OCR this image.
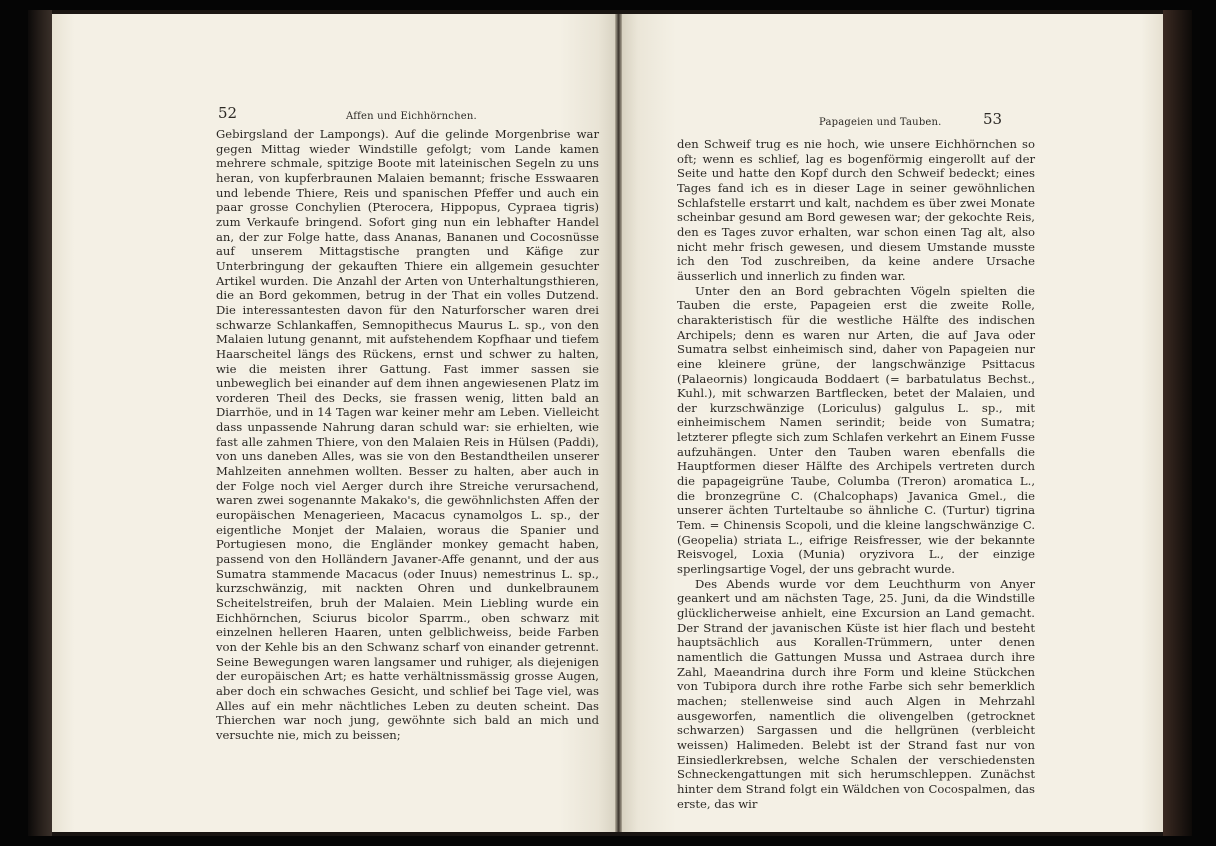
52	Affen und Eichhörnchen.

Gebirgsland der Lampongs). Auf die gelinde Morgenbrise war gegen Mittag wieder Windstille gefolgt; vom Lande kamen mehrere schmale, spitzige Boote mit lateinischen Segeln zu uns heran, von kupferbraunen Malaien bemannt; frische Esswaaren und lebende Thiere, Reis und spanischen Pfeffer und auch ein paar grosse Conchylien (Pterocera, Hippopus, Cypraea tigris) zum Verkaufe bringend. Sofort ging nun ein lebhafter Handel an, der zur Folge hatte, dass Ananas, Bananen und Cocosnüsse auf unserem Mittagstische prangten und Käfige zur Unterbringung der gekauften Thiere ein allgemein gesuchter Artikel wurden. Die Anzahl der Arten von Unterhaltungsthieren, die an Bord gekommen, betrug in der That ein volles Dutzend. Die interessantesten davon für den Naturforscher waren drei schwarze Schlankaffen, Semnopithecus Maurus L. sp., von den Malaien lutung genannt, mit aufstehendem Kopfhaar und tiefem Haarscheitel längs des Rückens, ernst und schwer zu halten, wie die meisten ihrer Gattung. Fast immer sassen sie unbeweglich bei einander auf dem ihnen angewiesenen Platz im vorderen Theil des Decks, sie frassen wenig, litten bald an Diarrhöe, und in 14 Tagen war keiner mehr am Leben. Vielleicht dass unpassende Nahrung daran schuld war: sie erhielten, wie fast alle zahmen Thiere, von den Malaien Reis in Hülsen (Paddi), von uns daneben Alles, was sie von den Bestandtheilen unserer Mahlzeiten annehmen wollten. Besser zu halten, aber auch in der Folge noch viel Aerger durch ihre Streiche verursachend, waren zwei sogenannte Makako's, die gewöhnlichsten Affen der europäischen Menagerieen, Macacus cynamolgos L. sp., der eigentliche Monjet der Malaien, woraus die Spanier und Portugiesen mono, die Engländer monkey gemacht haben, passend von den Holländern Javaner-Affe genannt, und der aus Sumatra stammende Macacus (oder Inuus) nemestrinus L. sp., kurzschwänzig, mit nackten Ohren und dunkelbraunem Scheitelstreifen, bruh der Malaien. Mein Liebling wurde ein Eichhörnchen, Sciurus bicolor Sparrm., oben schwarz mit einzelnen helleren Haaren, unten gelblichweiss, beide Farben von der Kehle bis an den Schwanz scharf von einander getrennt. Seine Bewegungen waren langsamer und ruhiger, als diejenigen der europäischen Art; es hatte verhältnissmässig grosse Augen, aber doch ein schwaches Gesicht, und schlief bei Tage viel, was Alles auf ein mehr nächtliches Leben zu deuten scheint. Das Thierchen war noch jung, gewöhnte sich bald an mich und versuchte nie, mich zu beissen;

Papageien und Tauben.	53

den Schweif trug es nie hoch, wie unsere Eichhörnchen so oft; wenn es schlief, lag es bogenförmig eingerollt auf der Seite und hatte den Kopf durch den Schweif bedeckt; eines Tages fand ich es in dieser Lage in seiner gewöhnlichen Schlafstelle erstarrt und kalt, nachdem es über zwei Monate scheinbar gesund am Bord gewesen war; der gekochte Reis, den es Tages zuvor erhalten, war schon einen Tag alt, also nicht mehr frisch gewesen, und diesem Umstande musste ich den Tod zuschreiben, da keine andere Ursache äusserlich und innerlich zu finden war.

Unter den an Bord gebrachten Vögeln spielten die Tauben die erste, Papageien erst die zweite Rolle, charakteristisch für die westliche Hälfte des indischen Archipels; denn es waren nur Arten, die auf Java oder Sumatra selbst einheimisch sind, daher von Papageien nur eine kleinere grüne, der langschwänzige Psittacus (Palaeornis) longicauda Boddaert (= barbatulatus Bechst., Kuhl.), mit schwarzen Bartflecken, betet der Malaien, und der kurzschwänzige (Loriculus) galgulus L. sp., mit einheimischem Namen serindit; beide von Sumatra; letzterer pflegte sich zum Schlafen verkehrt an Einem Fusse aufzuhängen. Unter den Tauben waren ebenfalls die Hauptformen dieser Hälfte des Archipels vertreten durch die papageigrüne Taube, Columba (Treron) aromatica L., die bronzegrüne C. (Chalcophaps) Javanica Gmel., die unserer ächten Turteltaube so ähnliche C. (Turtur) tigrina Tem. = Chinensis Scopoli, und die kleine langschwänzige C. (Geopelia) striata L., eifrige Reisfresser, wie der bekannte Reisvogel, Loxia (Munia) oryzivora L., der einzige sperlingsartige Vogel, der uns gebracht wurde.

Des Abends wurde vor dem Leuchthurm von Anyer geankert und am nächsten Tage, 25. Juni, da die Windstille glücklicherweise anhielt, eine Excursion an Land gemacht. Der Strand der javanischen Küste ist hier flach und besteht hauptsächlich aus Korallen-Trümmern, unter denen namentlich die Gattungen Mussa und Astraea durch ihre Zahl, Maeandrina durch ihre Form und kleine Stückchen von Tubipora durch ihre rothe Farbe sich sehr bemerklich machen; stellenweise sind auch Algen in Mehrzahl ausgeworfen, namentlich die olivengelben (getrocknet schwarzen) Sargassen und die hellgrünen (verbleicht weissen) Halimeden. Belebt ist der Strand fast nur von Einsiedlerkrebsen, welche Schalen der verschiedensten Schneckengattungen mit sich herumschleppen. Zunächst hinter dem Strand folgt ein Wäldchen von Cocospalmen, das erste, das wir
